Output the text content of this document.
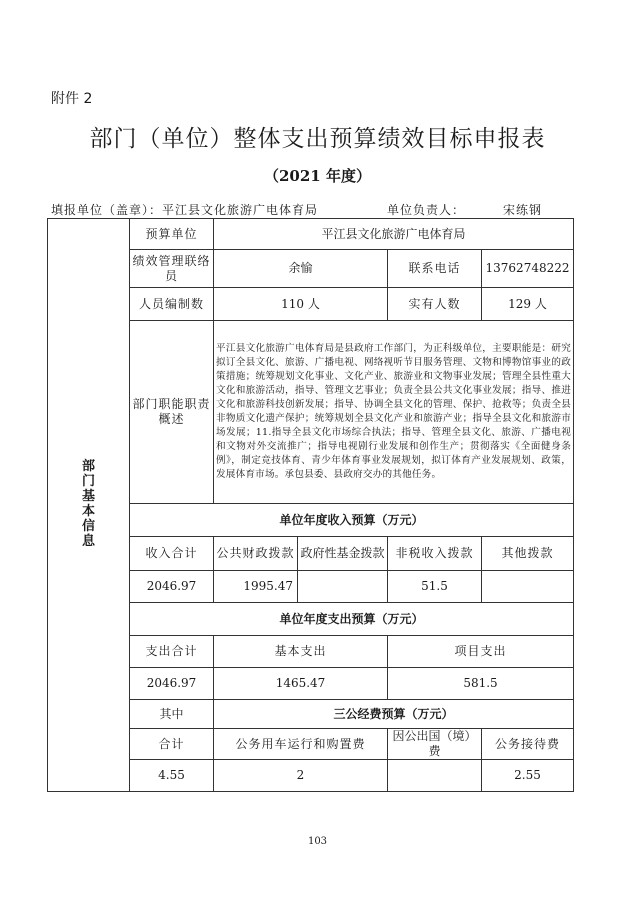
附件 2
部门（单位）整体支出预算绩效目标申报表
（2021 年度）
填报单位（盖章）：平江县文化旅游广电体育局	单位负责人：	宋练钢
部门基本信息	预算单位	平江县文化旅游广电体育局			
	绩效管理联络员	余愉		联系电话	13762748222
	人员编制数	110 人		实有人数	129 人
	部门职能职责概述	平江县文化旅游广电体育局是县政府工作部门，为正科级单位，主要职能是：研究拟订全县文化、旅游、广播电视、网络视听节目服务管理、文物和博物馆事业的政策措施；统筹规划文化事业、文化产业、旅游业和文物事业发展；管理全县性重大文化和旅游活动，指导、管理文艺事业；负责全县公共文化事业发展；指导、推进文化和旅游科技创新发展；指导、协调全县文化的管理、保护、抢救等；负责全县非物质文化遗产保护；统筹规划全县文化产业和旅游产业；指导全县文化和旅游市场发展；11.指导全县文化市场综合执法；指导、管理全县文化、旅游、广播电视和文物对外交流推广；指导电视剧行业发展和创作生产；贯彻落实《全面健身条例》，制定竞技体育、青少年体育事业发展规划，拟订体育产业发展规划、政策，发展体育市场。承包县委、县政府交办的其他任务。			
	单位年度收入预算（万元）				
	收入合计	公共财政拨款	政府性基金拨款	非税收入拨款	其他拨款
	2046.97	1995.47		51.5	
	单位年度支出预算（万元）				
	支出合计	基本支出		项目支出	
	2046.97	1465.47		581.5	
	其中	三公经费预算（万元）			
	合计	公务用车运行和购置费		因公出国（境）费	公务接待费
	4.55	2			2.55
103
